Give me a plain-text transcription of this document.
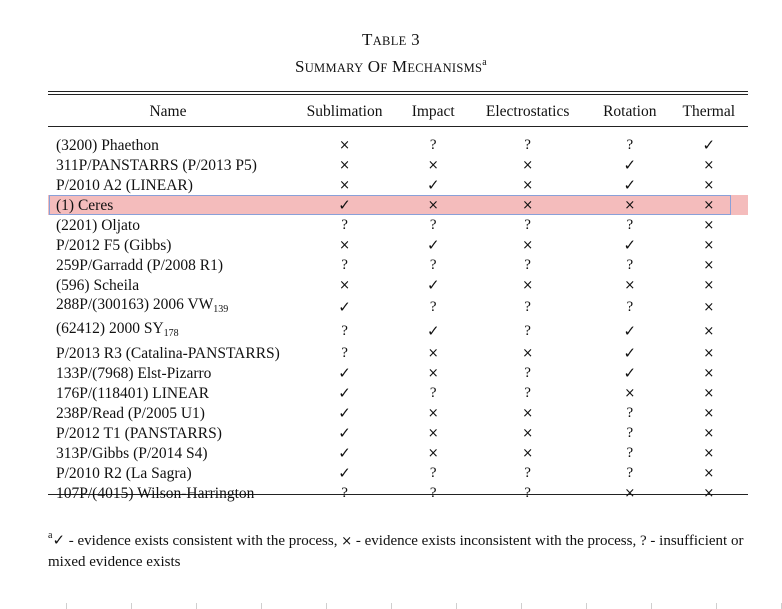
TABLE 3
SUMMARY OF MECHANISMS$^a$
Name	Sublimation	Impact	Electrostatics	Rotation	Thermal

(3200) Phaethon	×	?	?	?	✓
311P/PANSTARRS (P/2013 P5)	×	×	×	✓	×
P/2010 A2 (LINEAR)	×	✓	×	✓	×
(1) Ceres	✓	×	×	×	×
(2201) Oljato	?	?	?	?	×
P/2012 F5 (Gibbs)	×	✓	×	✓	×
259P/Garradd (P/2008 R1)	?	?	?	?	×
(596) Scheila	×	✓	×	×	×
288P/(300163) 2006 $VW_{139}$	✓	?	?	?	×
(62412) 2000 $SY_{178}$	?	✓	?	✓	×
P/2013 R3 (Catalina-PANSTARRS)	?	×	×	✓	×
133P/(7968) Elst-Pizarro	✓	×	?	✓	×
176P/(118401) LINEAR	✓	?	?	×	×
238P/Read (P/2005 U1)	✓	×	×	?	×
P/2012 T1 (PANSTARRS)	✓	×	×	?	×
313P/Gibbs (P/2014 S4)	✓	×	×	?	×
P/2010 R2 (La Sagra)	✓	?	?	?	×
107P/(4015) Wilson-Harrington	?	?	?	×	×
$^a$✓ - evidence exists consistent with the process, × - evidence exists inconsistent with the process, ? - insufficient or mixed evidence exists
